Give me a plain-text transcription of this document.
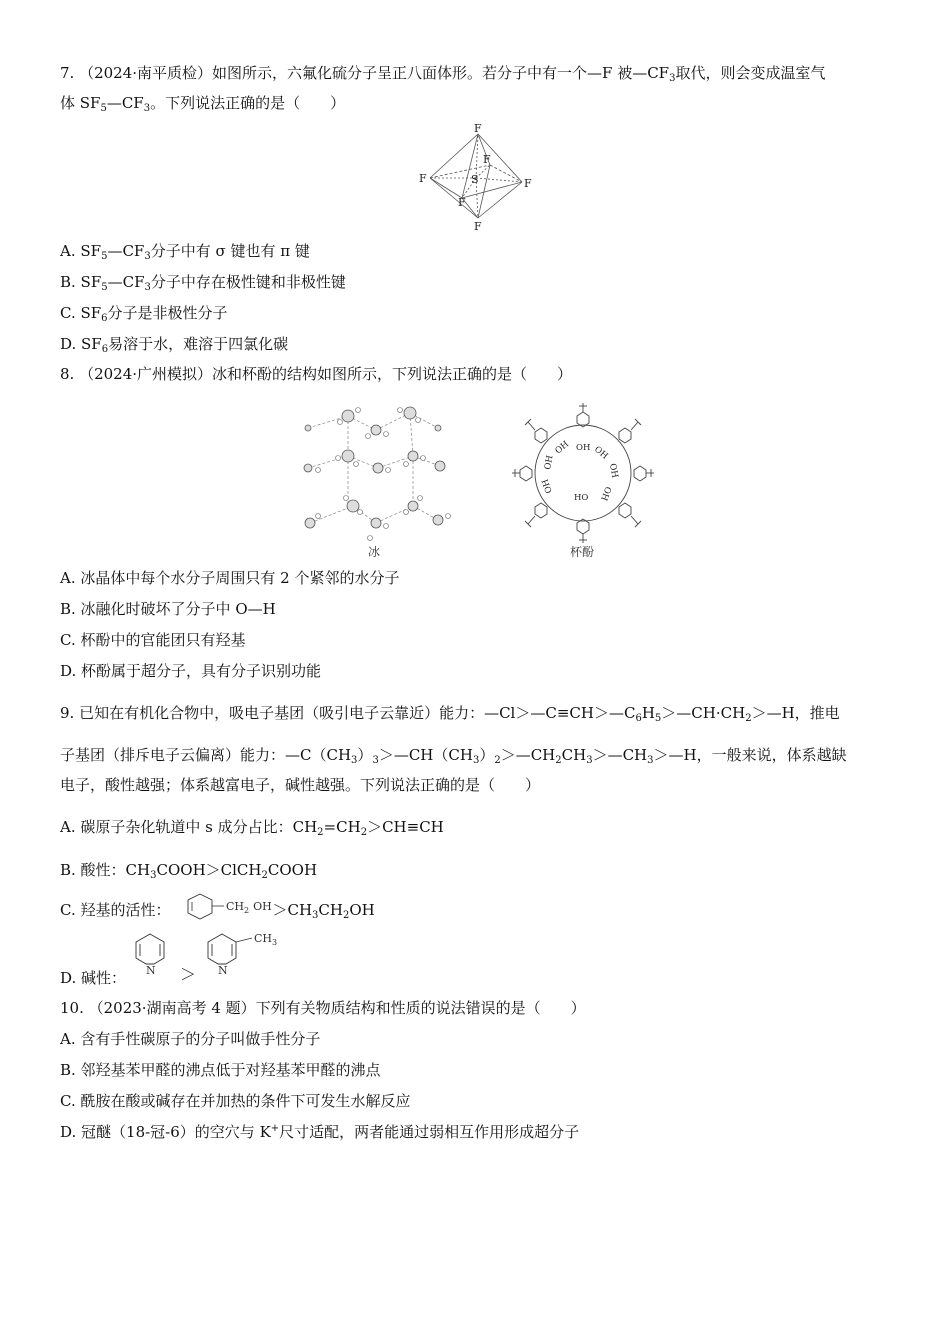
7. （2024·南平质检）如图所示，六氟化硫分子呈正八面体形。若分子中有一个—F 被$—CF_3$取代，则会变成温室气
体 $SF_5—CF_3$。下列说法正确的是（　　）
F
F
F	F
F
F
S
A. $SF_5—CF_3$分子中有 σ 键也有 π 键
B. $SF_5—CF_3$分子中存在极性键和非极性键
C. $SF_6$分子是非极性分子
D. $SF_6$易溶于水，难溶于四氯化碳
8. （2024·广州模拟）冰和杯酚的结构如图所示，下列说法正确的是（　　）
冰
OH
OH OH
OH
OH
OH	OH
HO
杯酚
A. 冰晶体中每个水分子周围只有 2 个紧邻的水分子
B. 冰融化时破坏了分子中 O—H
C. 杯酚中的官能团只有羟基
D. 杯酚属于超分子，具有分子识别功能
9. 已知在有机化合物中，吸电子基团（吸引电子云靠近）能力：$—Cl>—C\equiv CH>—C_6H_5>—CH\cdot CH_2>—H$，推电
子基团（排斥电子云偏离）能力：$—C(CH_3)_3>—CH(CH_3)_2>—CH_2CH_3>—CH_3>—H$，一般来说，体系越缺
电子，酸性越强；体系越富电子，碱性越强。下列说法正确的是（　　）
A. 碳原子杂化轨道中 s 成分占比：$CH_2=CH_2>CH\equiv CH$
B. 酸性：$CH_3COOH>ClCH_2COOH$
C. 羟基的活性：	$>CH_3CH_2OH$
$CH_2$ OH
D. 碱性： N	N
$CH_3$
＞
10. （2023·湖南高考 4 题）下列有关物质结构和性质的说法错误的是（　　）
A. 含有手性碳原子的分子叫做手性分子
B. 邻羟基苯甲醛的沸点低于对羟基苯甲醛的沸点
C. 酰胺在酸或碱存在并加热的条件下可发生水解反应
D. 冠醚（18-冠-6）的空穴与 K+尺寸适配，两者能通过弱相互作用形成超分子
